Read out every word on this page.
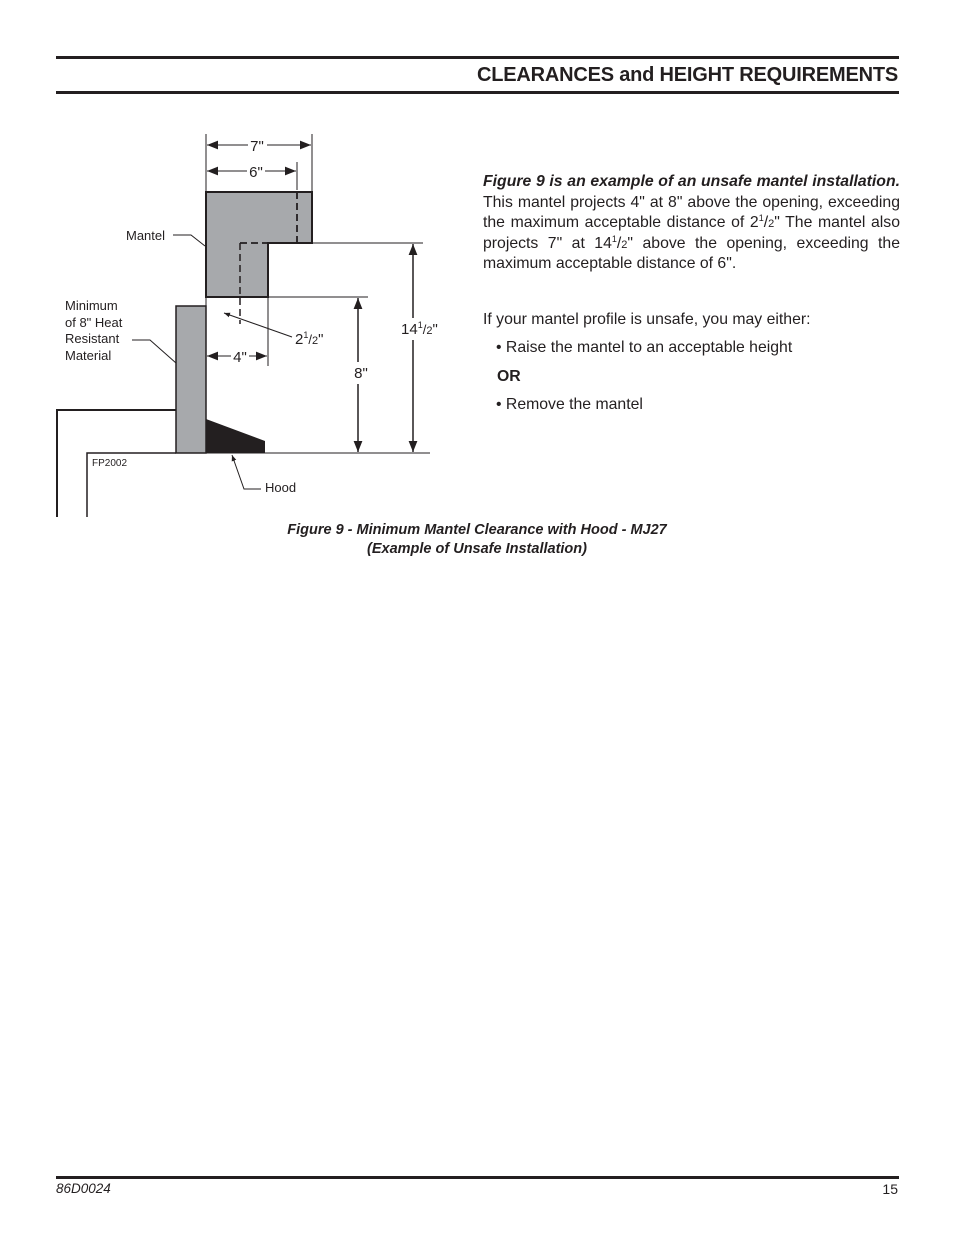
CLEARANCES and HEIGHT REQUIREMENTS
7"
6"
4"
8"
$14^1/2$"
$2^1/2$"
Mantel
Minimum
of 8" Heat
Resistant
Material
Hood
FP2002
Figure 9 is an example of an unsafe mantel installation. This mantel projects 4" at 8" above the opening, exceeding the maximum acceptable distance of $2^1/2$" The mantel also projects 7" at $14^1/2$" above the opening, exceeding the maximum acceptable distance of 6".
If your mantel profile is unsafe, you may either:
• Raise the mantel to an acceptable height
OR
• Remove the mantel
Figure 9 - Minimum Mantel Clearance with Hood - MJ27
(Example of Unsafe Installation)
86D0024	15
